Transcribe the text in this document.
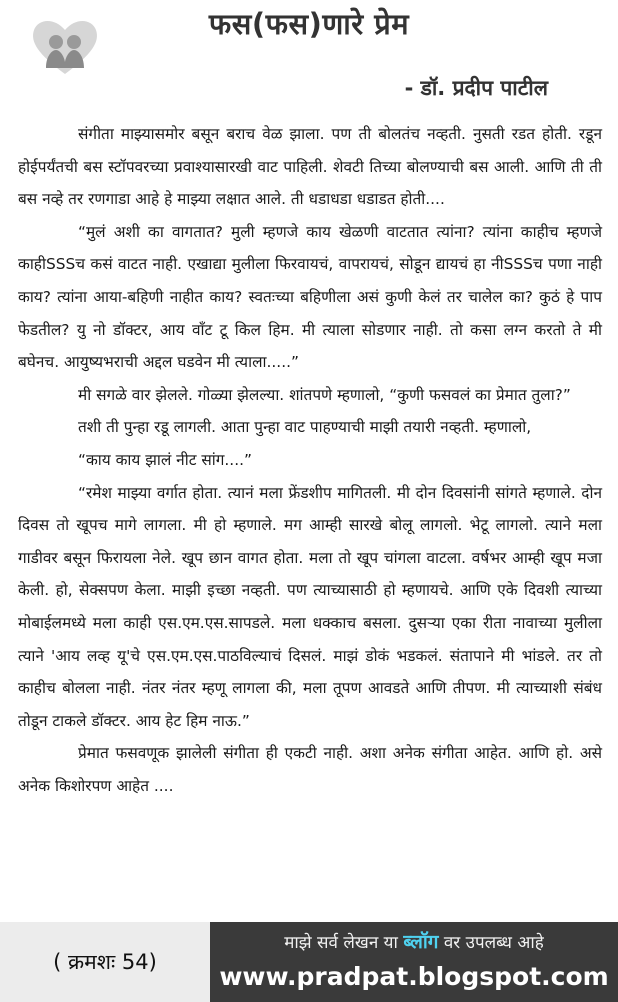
फस(फस)णारे प्रेम
- डॉ. प्रदीप पाटील

संगीता माझ्यासमोर बसून बराच वेळ झाला. पण ती बोलतंच नव्हती. नुसती रडत होती. रडून होईपर्यंतची बस स्टॉपवरच्या प्रवाश्यासारखी वाट पाहिली. शेवटी तिच्या बोलण्याची बस आली. आणि ती ती बस नव्हे तर रणगाडा आहे हे माझ्या लक्षात आले. ती धडाधडा धडाडत होती....

“मुलं अशी का वागतात? मुली म्हणजे काय खेळणी वाटतात त्यांना? त्यांना काहीच म्हणजे काहीSSSच कसं वाटत नाही. एखाद्या मुलीला फिरवायचं, वापरायचं, सोडून द्यायचं हा नीSSSच पणा नाही काय? त्यांना आया-बहिणी नाहीत काय? स्वतःच्या बहिणीला असं कुणी केलं तर चालेल का? कुठं हे पाप फेडतील? यु नो डॉक्टर, आय वाँट टू किल हिम. मी त्याला सोडणार नाही. तो कसा लग्न करतो ते मी बघेनच. आयुष्यभराची अद्दल घडवेन मी त्याला.....”

मी सगळे वार झेलले. गोळ्या झेलल्या. शांतपणे म्हणालो, “कुणी फसवलं का प्रेमात तुला?”

तशी ती पुन्हा रडू लागली. आता पुन्हा वाट पाहण्याची माझी तयारी नव्हती. म्हणालो,

“काय काय झालं नीट सांग....”

“रमेश माझ्या वर्गात होता. त्यानं मला फ्रेंडशीप मागितली. मी दोन दिवसांनी सांगते म्हणाले. दोन दिवस तो खूपच मागे लागला. मी हो म्हणाले. मग आम्ही सारखे बोलू लागलो. भेटू लागलो. त्याने मला गाडीवर बसून फिरायला नेले. खूप छान वागत होता. मला तो खूप चांगला वाटला. वर्षभर आम्ही खूप मजा केली. हो, सेक्सपण केला. माझी इच्छा नव्हती. पण त्याच्यासाठी हो म्हणायचे. आणि एके दिवशी त्याच्या मोबाईलमध्ये मला काही एस.एम.एस.सापडले. मला धक्काच बसला. दुसऱ्या एका रीता नावाच्या मुलीला त्याने 'आय लव्ह यू'चे एस.एम.एस.पाठविल्याचं दिसलं. माझं डोकं भडकलं. संतापाने मी भांडले. तर तो काहीच बोलला नाही. नंतर नंतर म्हणू लागला की, मला तूपण आवडते आणि तीपण. मी त्याच्याशी संबंध तोडून टाकले डॉक्टर. आय हेट हिम नाऊ.”

प्रेमात फसवणूक झालेली संगीता ही एकटी नाही. अशा अनेक संगीता आहेत. आणि हो. असे अनेक किशोरपण आहेत ....

( क्रमशः 54)
माझे सर्व लेखन या ब्लॉग वर उपलब्ध आहे
www.pradpat.blogspot.com
